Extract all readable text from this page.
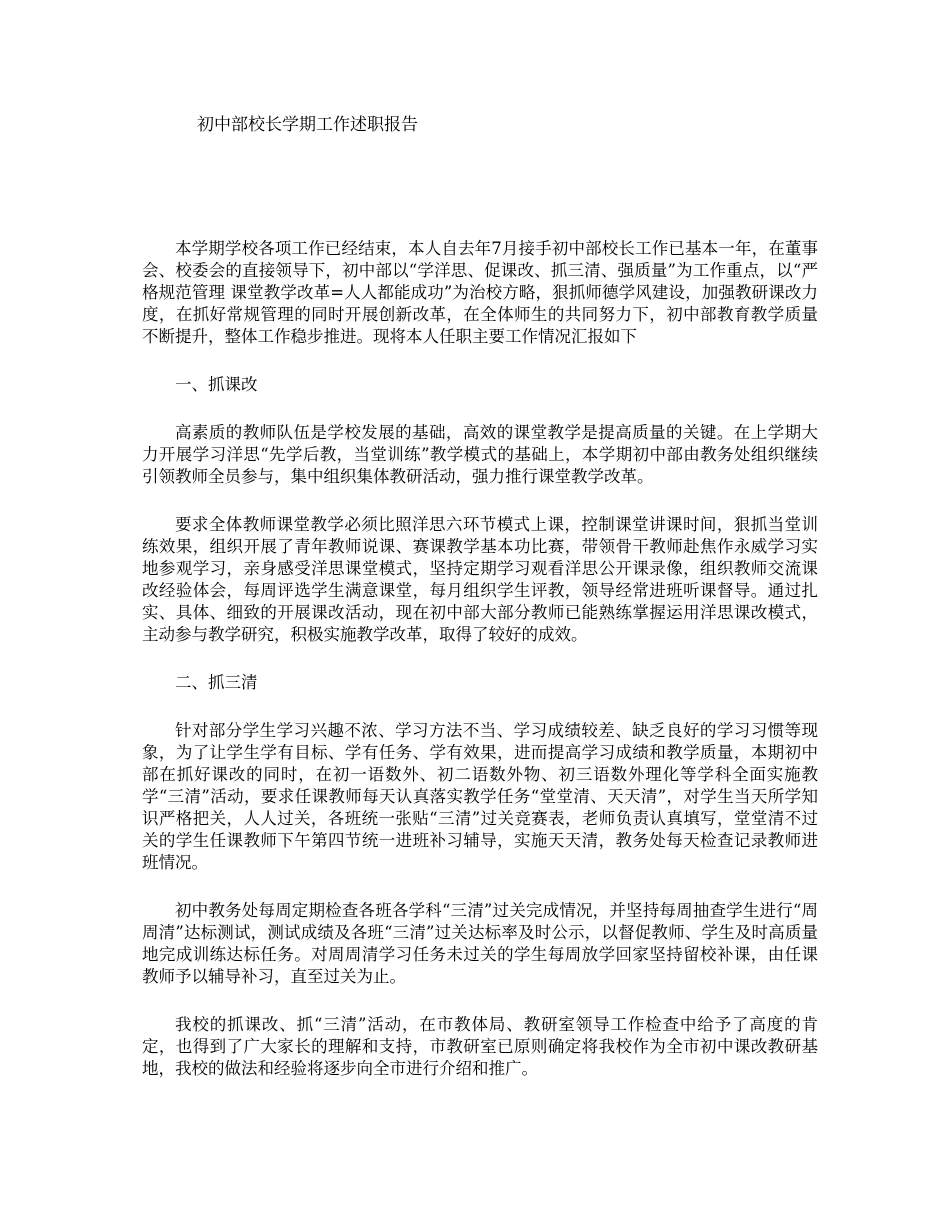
初中部校长学期工作述职报告

本学期学校各项工作已经结束，本人自去年7月接手初中部校长工作已基本一年，在董事会、校委会的直接领导下，初中部以“学洋思、促课改、抓三清、强质量”为工作重点，以“严格规范管理 课堂教学改革=人人都能成功”为治校方略，狠抓师德学风建设，加强教研课改力度，在抓好常规管理的同时开展创新改革，在全体师生的共同努力下，初中部教育教学质量不断提升，整体工作稳步推进。现将本人任职主要工作情况汇报如下

一、抓课改

高素质的教师队伍是学校发展的基础，高效的课堂教学是提高质量的关键。在上学期大力开展学习洋思“先学后教，当堂训练”教学模式的基础上，本学期初中部由教务处组织继续引领教师全员参与，集中组织集体教研活动，强力推行课堂教学改革。

要求全体教师课堂教学必须比照洋思六环节模式上课，控制课堂讲课时间，狠抓当堂训练效果，组织开展了青年教师说课、赛课教学基本功比赛，带领骨干教师赴焦作永威学习实地参观学习，亲身感受洋思课堂模式，坚持定期学习观看洋思公开课录像，组织教师交流课改经验体会，每周评选学生满意课堂，每月组织学生评教，领导经常进班听课督导。通过扎实、具体、细致的开展课改活动，现在初中部大部分教师已能熟练掌握运用洋思课改模式，主动参与教学研究，积极实施教学改革，取得了较好的成效。

二、抓三清

针对部分学生学习兴趣不浓、学习方法不当、学习成绩较差、缺乏良好的学习习惯等现象，为了让学生学有目标、学有任务、学有效果，进而提高学习成绩和教学质量，本期初中部在抓好课改的同时，在初一语数外、初二语数外物、初三语数外理化等学科全面实施教学“三清”活动，要求任课教师每天认真落实教学任务“堂堂清、天天清”，对学生当天所学知识严格把关，人人过关，各班统一张贴“三清”过关竞赛表，老师负责认真填写，堂堂清不过关的学生任课教师下午第四节统一进班补习辅导，实施天天清，教务处每天检查记录教师进班情况。

初中教务处每周定期检查各班各学科“三清”过关完成情况，并坚持每周抽查学生进行“周周清”达标测试，测试成绩及各班“三清”过关达标率及时公示，以督促教师、学生及时高质量地完成训练达标任务。对周周清学习任务未过关的学生每周放学回家坚持留校补课，由任课教师予以辅导补习，直至过关为止。

我校的抓课改、抓“三清”活动，在市教体局、教研室领导工作检查中给予了高度的肯定，也得到了广大家长的理解和支持，市教研室已原则确定将我校作为全市初中课改教研基地，我校的做法和经验将逐步向全市进行介绍和推广。
